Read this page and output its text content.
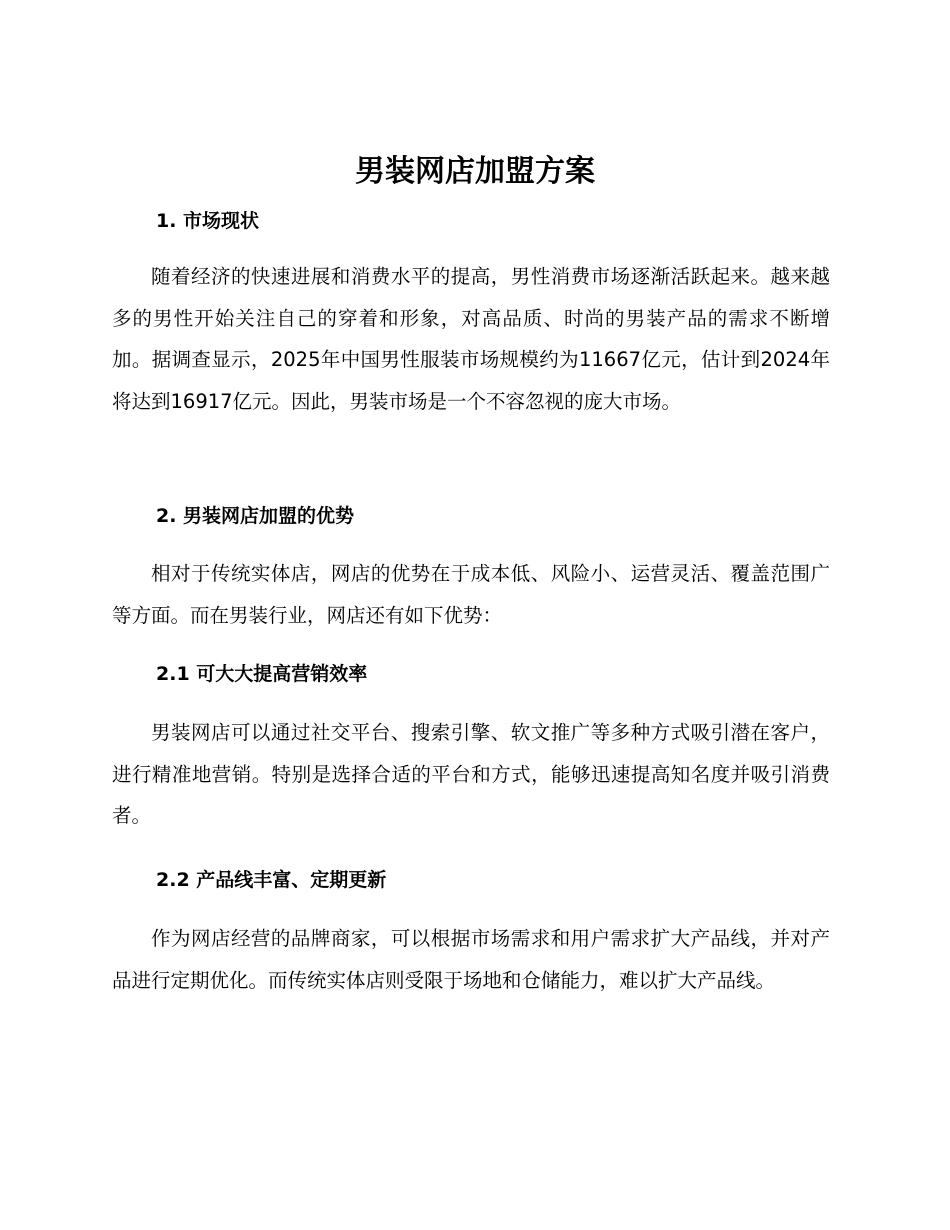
男装网店加盟方案
1. 市场现状

随着经济的快速进展和消费水平的提高，男性消费市场逐渐活跃起来。越来越多的男性开始关注自己的穿着和形象，对高品质、时尚的男装产品的需求不断增加。据调查显示，2025年中国男性服装市场规模约为11667亿元，估计到2024年将达到16917亿元。因此，男装市场是一个不容忽视的庞大市场。

2. 男装网店加盟的优势

相对于传统实体店，网店的优势在于成本低、风险小、运营灵活、覆盖范围广等方面。而在男装行业，网店还有如下优势：

2.1 可大大提高营销效率

男装网店可以通过社交平台、搜索引擎、软文推广等多种方式吸引潜在客户，进行精准地营销。特别是选择合适的平台和方式，能够迅速提高知名度并吸引消费者。

2.2 产品线丰富、定期更新

作为网店经营的品牌商家，可以根据市场需求和用户需求扩大产品线，并对产品进行定期优化。而传统实体店则受限于场地和仓储能力，难以扩大产品线。
